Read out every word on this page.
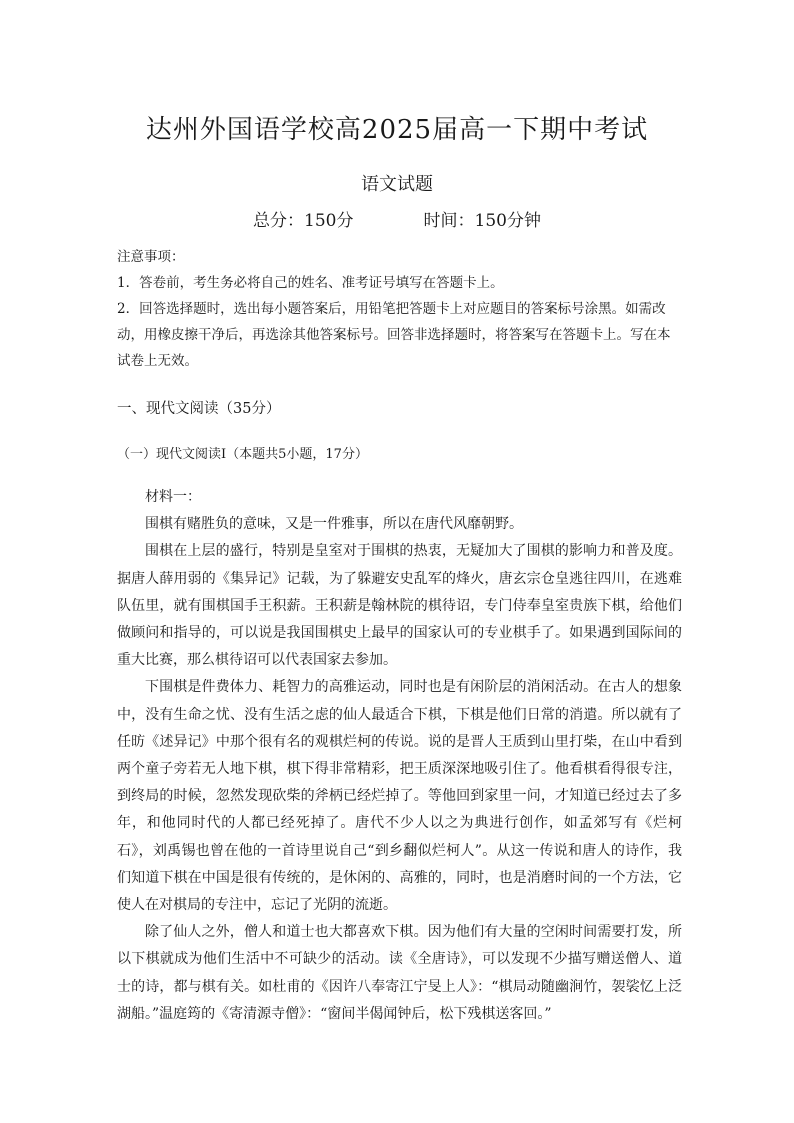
达州外国语学校高2025届高一下期中考试
语文试题
总分：150分	时间：150分钟

注意事项：

1．答卷前，考生务必将自己的姓名、准考证号填写在答题卡上。

2．回答选择题时，选出每小题答案后，用铅笔把答题卡上对应题目的答案标号涂黑。如需改动，用橡皮擦干净后，再选涂其他答案标号。回答非选择题时，将答案写在答题卡上。写在本试卷上无效。

一、现代文阅读（35分）
（一）现代文阅读Ⅰ（本题共5小题，17分）

材料一：

围棋有赌胜负的意味，又是一件雅事，所以在唐代风靡朝野。

围棋在上层的盛行，特别是皇室对于围棋的热衷，无疑加大了围棋的影响力和普及度。据唐人薛用弱的《集异记》记载，为了躲避安史乱军的烽火，唐玄宗仓皇逃往四川，在逃难队伍里，就有围棋国手王积薪。王积薪是翰林院的棋待诏，专门侍奉皇室贵族下棋，给他们做顾问和指导的，可以说是我国围棋史上最早的国家认可的专业棋手了。如果遇到国际间的重大比赛，那么棋待诏可以代表国家去参加。

下围棋是件费体力、耗智力的高雅运动，同时也是有闲阶层的消闲活动。在古人的想象中，没有生命之忧、没有生活之虑的仙人最适合下棋，下棋是他们日常的消遣。所以就有了任昉《述异记》中那个很有名的观棋烂柯的传说。说的是晋人王质到山里打柴，在山中看到两个童子旁若无人地下棋，棋下得非常精彩，把王质深深地吸引住了。他看棋看得很专注，到终局的时候，忽然发现砍柴的斧柄已经烂掉了。等他回到家里一问，才知道已经过去了多年，和他同时代的人都已经死掉了。唐代不少人以之为典进行创作，如孟郊写有《烂柯石》，刘禹锡也曾在他的一首诗里说自己“到乡翻似烂柯人”。从这一传说和唐人的诗作，我们知道下棋在中国是很有传统的，是休闲的、高雅的，同时，也是消磨时间的一个方法，它使人在对棋局的专注中，忘记了光阴的流逝。

除了仙人之外，僧人和道士也大都喜欢下棋。因为他们有大量的空闲时间需要打发，所以下棋就成为他们生活中不可缺少的活动。读《全唐诗》，可以发现不少描写赠送僧人、道士的诗，都与棋有关。如杜甫的《因许八奉寄江宁旻上人》：“棋局动随幽涧竹，袈裟忆上泛湖船。”温庭筠的《寄清源寺僧》：“窗间半偈闻钟后，松下残棋送客回。”
